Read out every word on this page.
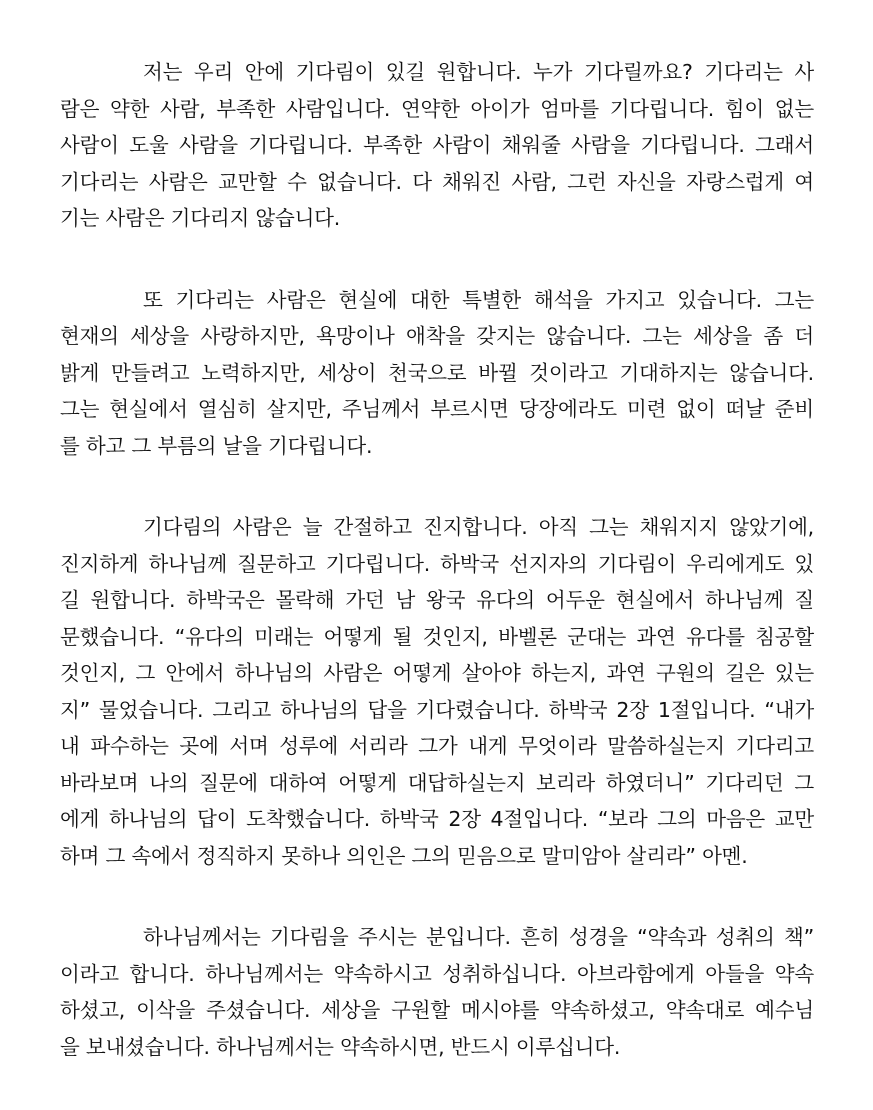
저는 우리 안에 기다림이 있길 원합니다. 누가 기다릴까요? 기다리는 사
람은 약한 사람, 부족한 사람입니다. 연약한 아이가 엄마를 기다립니다. 힘이 없는
사람이 도울 사람을 기다립니다. 부족한 사람이 채워줄 사람을 기다립니다. 그래서
기다리는 사람은 교만할 수 없습니다. 다 채워진 사람, 그런 자신을 자랑스럽게 여
기는 사람은 기다리지 않습니다.
또 기다리는 사람은 현실에 대한 특별한 해석을 가지고 있습니다. 그는
현재의 세상을 사랑하지만, 욕망이나 애착을 갖지는 않습니다. 그는 세상을 좀 더
밝게 만들려고 노력하지만, 세상이 천국으로 바뀔 것이라고 기대하지는 않습니다.
그는 현실에서 열심히 살지만, 주님께서 부르시면 당장에라도 미련 없이 떠날 준비
를 하고 그 부름의 날을 기다립니다.
기다림의 사람은 늘 간절하고 진지합니다. 아직 그는 채워지지 않았기에,
진지하게 하나님께 질문하고 기다립니다. 하박국 선지자의 기다림이 우리에게도 있
길 원합니다. 하박국은 몰락해 가던 남 왕국 유다의 어두운 현실에서 하나님께 질
문했습니다. “유다의 미래는 어떻게 될 것인지, 바벨론 군대는 과연 유다를 침공할
것인지, 그 안에서 하나님의 사람은 어떻게 살아야 하는지, 과연 구원의 길은 있는
지” 물었습니다. 그리고 하나님의 답을 기다렸습니다. 하박국 2장 1절입니다. “내가
내 파수하는 곳에 서며 성루에 서리라 그가 내게 무엇이라 말씀하실는지 기다리고
바라보며 나의 질문에 대하여 어떻게 대답하실는지 보리라 하였더니” 기다리던 그
에게 하나님의 답이 도착했습니다. 하박국 2장 4절입니다. “보라 그의 마음은 교만
하며 그 속에서 정직하지 못하나 의인은 그의 믿음으로 말미암아 살리라” 아멘.
하나님께서는 기다림을 주시는 분입니다. 흔히 성경을 “약속과 성취의 책”
이라고 합니다. 하나님께서는 약속하시고 성취하십니다. 아브라함에게 아들을 약속
하셨고, 이삭을 주셨습니다. 세상을 구원할 메시야를 약속하셨고, 약속대로 예수님
을 보내셨습니다. 하나님께서는 약속하시면, 반드시 이루십니다.
